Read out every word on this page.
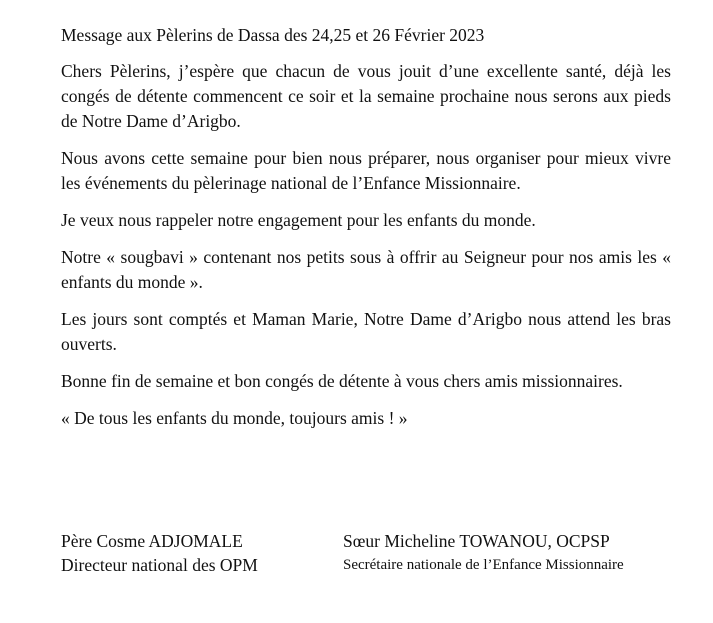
Message aux Pèlerins de Dassa des 24,25 et 26 Février 2023

Chers Pèlerins, j’espère que chacun de vous jouit d’une excellente santé, déjà les congés de détente commencent ce soir et la semaine prochaine nous serons aux pieds de Notre Dame d’Arigbo.

Nous avons cette semaine pour bien nous préparer, nous organiser pour mieux vivre les événements du pèlerinage national de l’Enfance Missionnaire.

Je veux nous rappeler notre engagement pour les enfants du monde.

Notre « sougbavi » contenant nos petits sous à offrir au Seigneur pour nos amis les « enfants du monde ».

Les jours sont comptés et Maman Marie, Notre Dame d’Arigbo nous attend les bras ouverts.

Bonne fin de semaine et bon congés de détente à vous chers amis missionnaires.

« De tous les enfants du monde, toujours amis ! »

Père Cosme ADJOMALE
Directeur national des OPM
Sœur Micheline TOWANOU, OCPSP
Secrétaire nationale de l’Enfance Missionnaire
